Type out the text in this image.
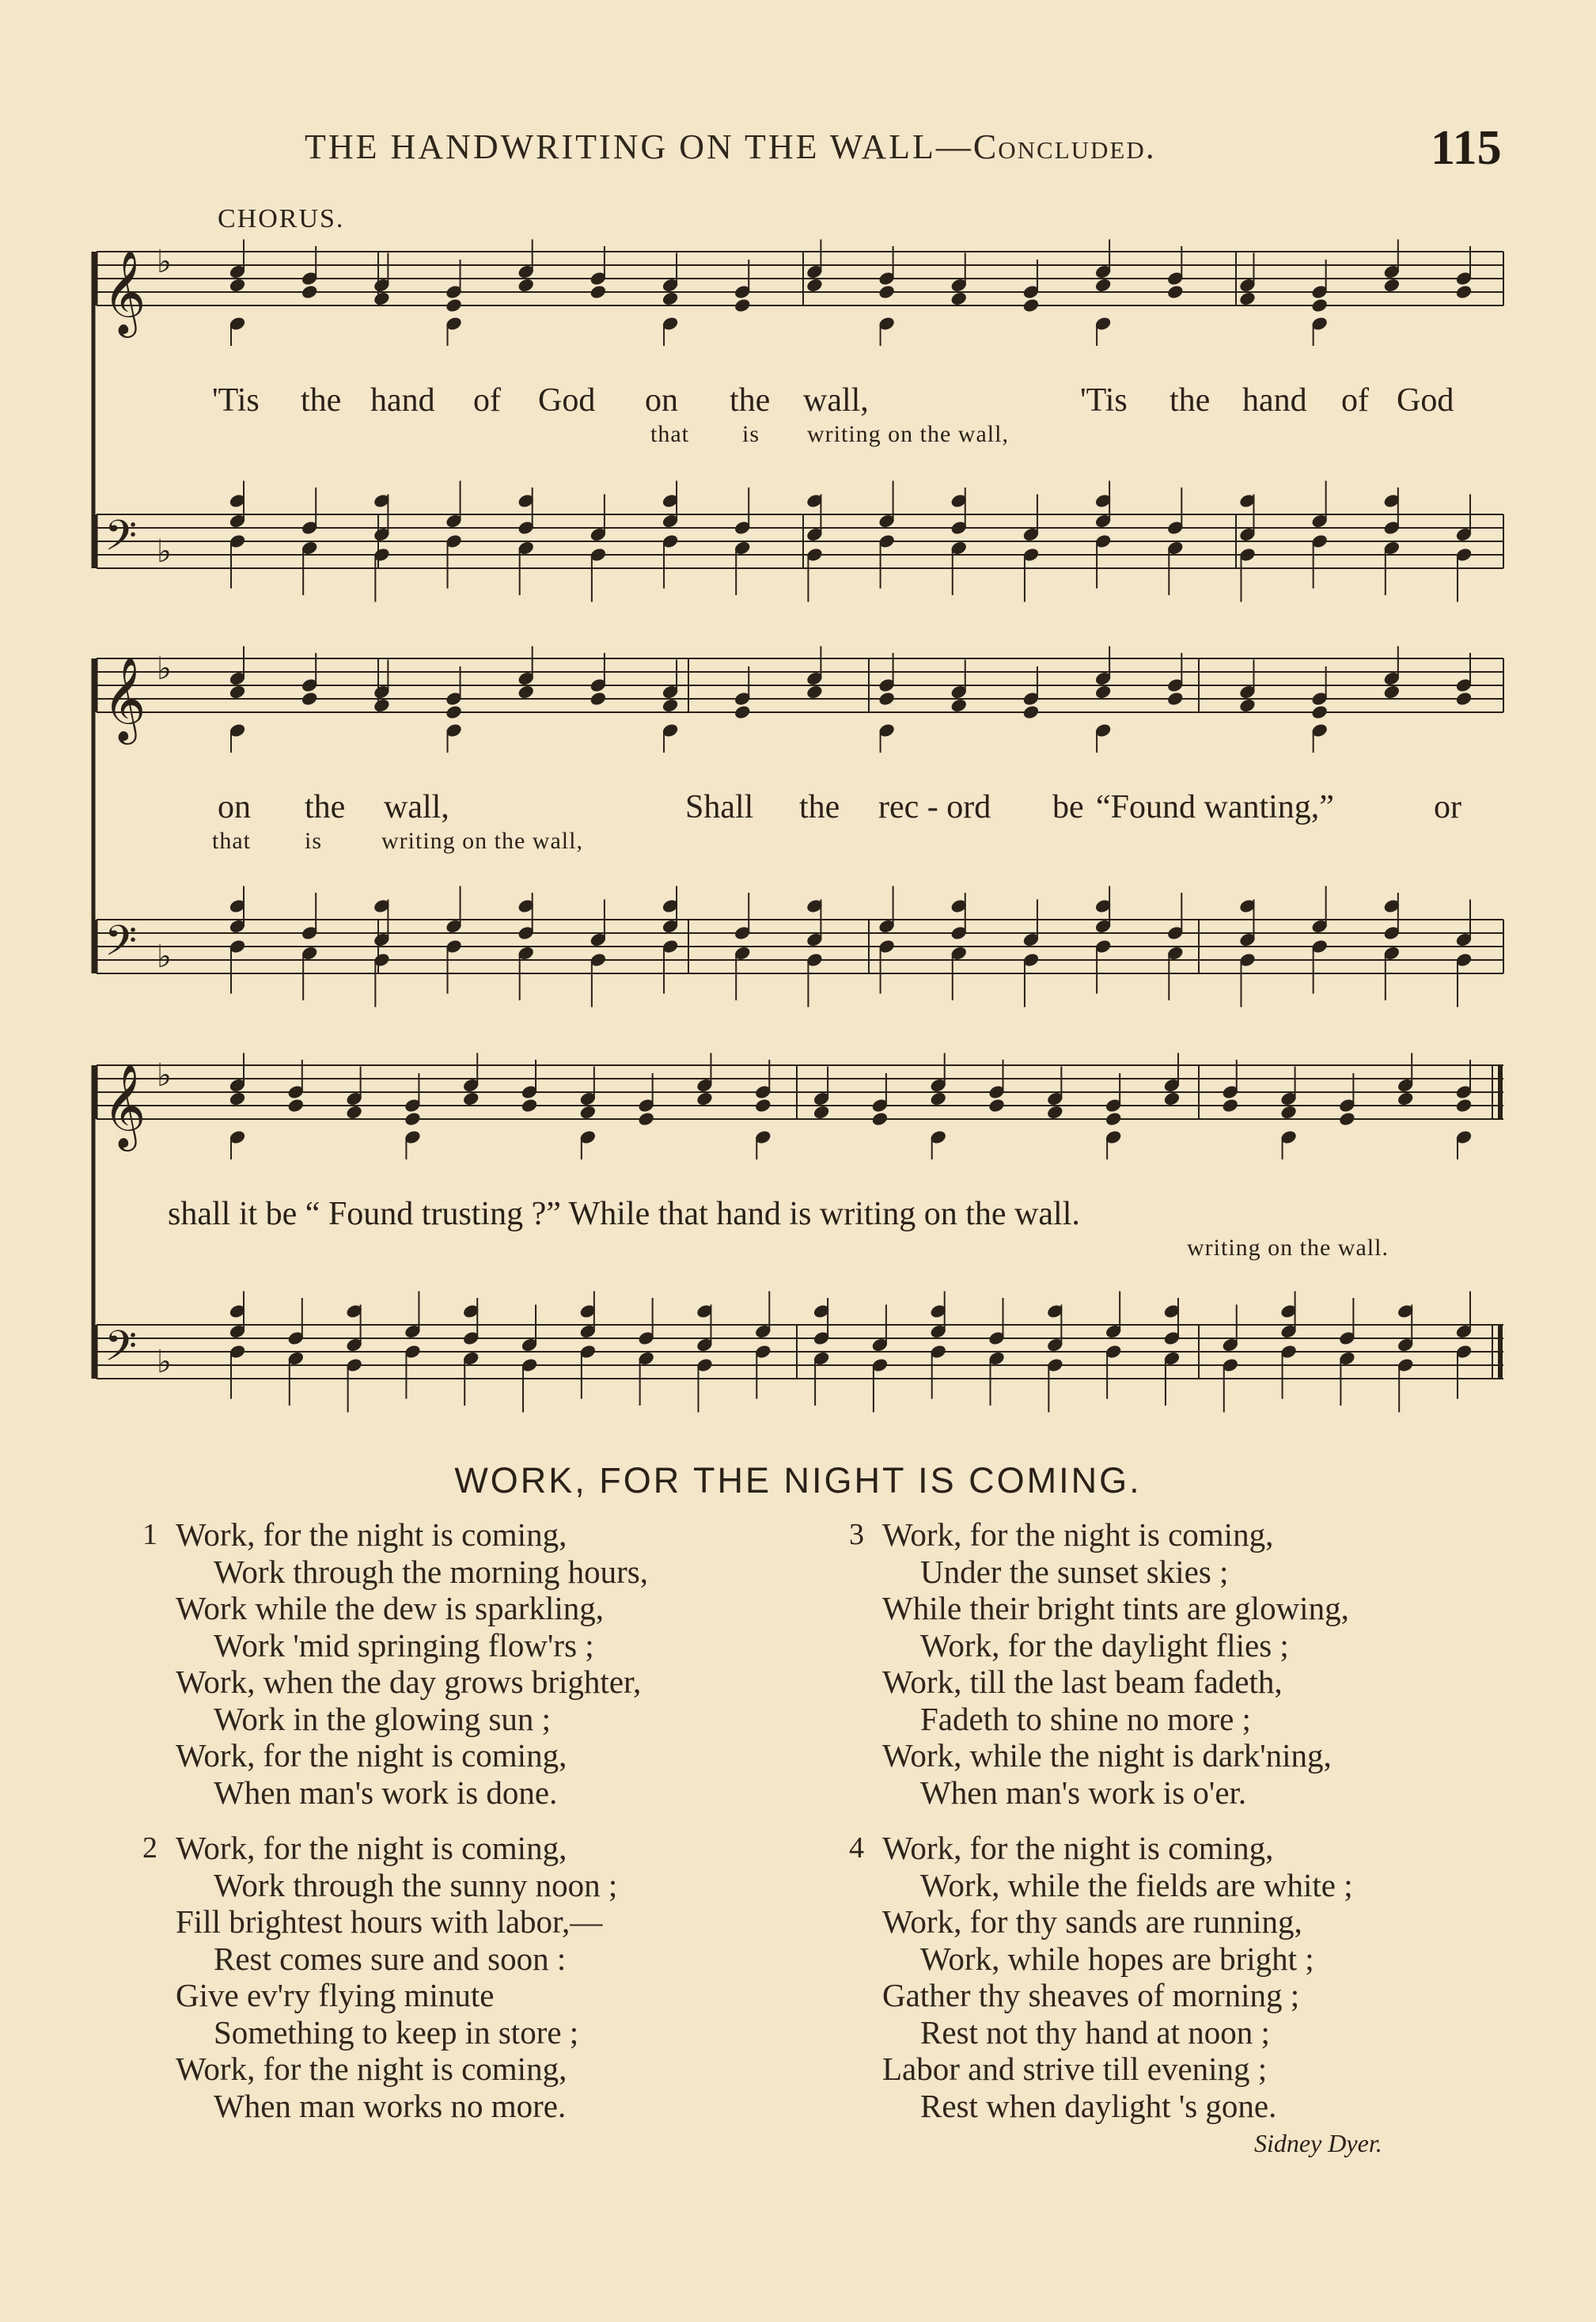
THE HANDWRITING ON THE WALL—Concluded.	115
CHORUS.
𝄞 ♭
𝄢 ♭
𝄞 ♭
𝄢 ♭
𝄞 ♭
𝄢 ♭
'Tis the hand of God on the wall,	'Tis the hand of God
that is writing on the wall,
on the wall,	Shall the rec - ord be “Found wanting,”	or
that is writing on the wall,
shall it be “ Found trusting ?” While that hand is writing on the wall.
writing on the wall.
WORK, FOR THE NIGHT IS COMING.
1 Work, for the night is coming,
Work through the morning hours,
Work while the dew is sparkling,
Work 'mid springing flow'rs ;
Work, when the day grows brighter,
Work in the glowing sun ;
Work, for the night is coming,
When man's work is done.
2 Work, for the night is coming,
Work through the sunny noon ;
Fill brightest hours with labor,—
Rest comes sure and soon :
Give ev'ry flying minute
Something to keep in store ;
Work, for the night is coming,
When man works no more.
3 Work, for the night is coming,
Under the sunset skies ;
While their bright tints are glowing,
Work, for the daylight flies ;
Work, till the last beam fadeth,
Fadeth to shine no more ;
Work, while the night is dark'ning,
When man's work is o'er.
4 Work, for the night is coming,
Work, while the fields are white ;
Work, for thy sands are running,
Work, while hopes are bright ;
Gather thy sheaves of morning ;
Rest not thy hand at noon ;
Labor and strive till evening ;
Rest when daylight 's gone.
Sidney Dyer.
